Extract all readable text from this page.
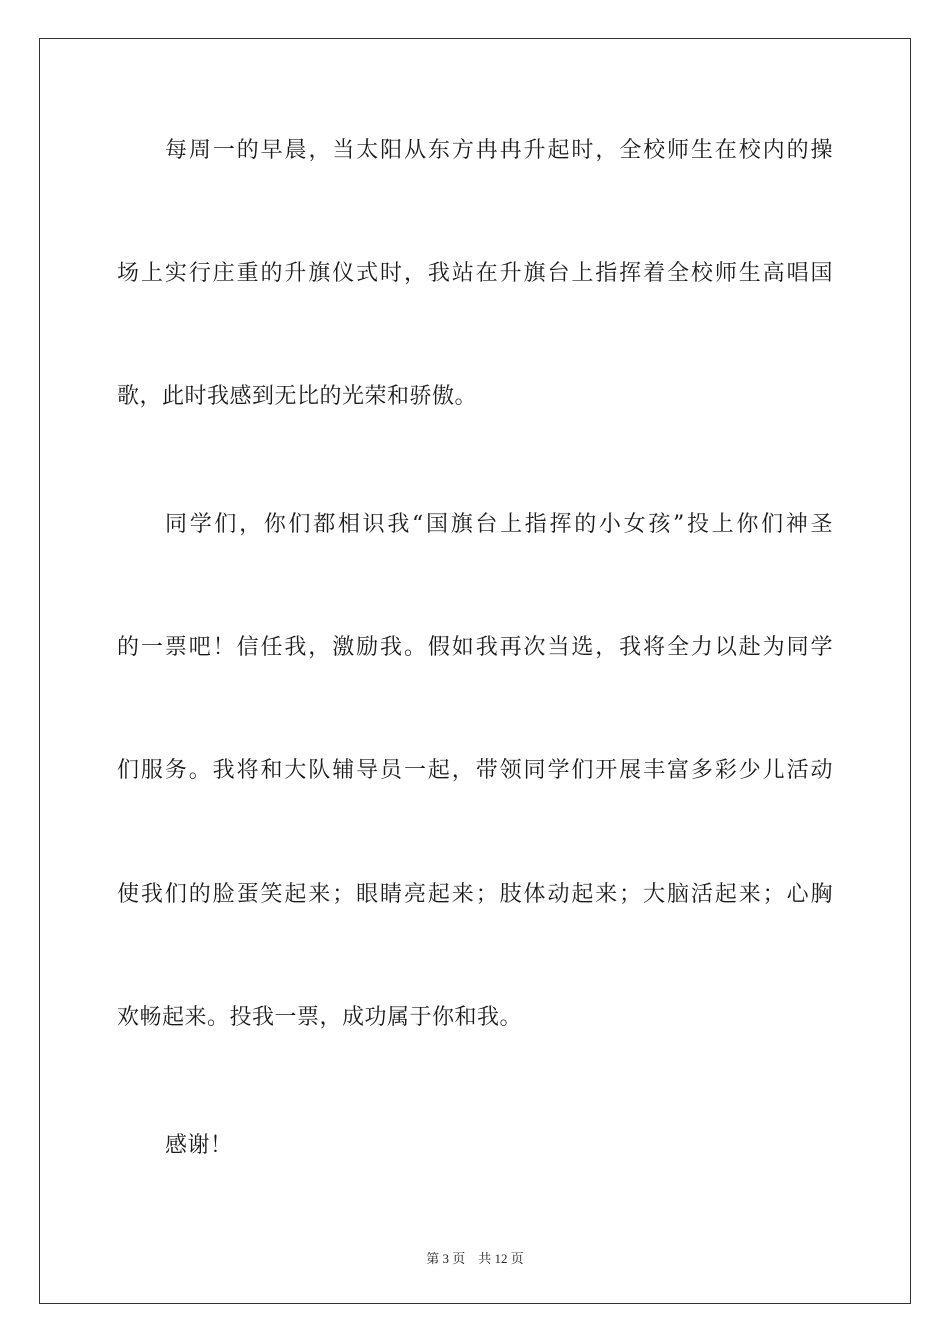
每周一的早晨，当太阳从东方冉冉升起时，全校师生在校内的操
场上实行庄重的升旗仪式时，我站在升旗台上指挥着全校师生高唱国
歌，此时我感到无比的光荣和骄傲。
同学们，你们都相识我“国旗台上指挥的小女孩”投上你们神圣
的一票吧！信任我，激励我。假如我再次当选，我将全力以赴为同学
们服务。我将和大队辅导员一起，带领同学们开展丰富多彩少儿活动
使我们的脸蛋笑起来；眼睛亮起来；肢体动起来；大脑活起来；心胸
欢畅起来。投我一票，成功属于你和我。
感谢！
第 3 页    共 12 页
